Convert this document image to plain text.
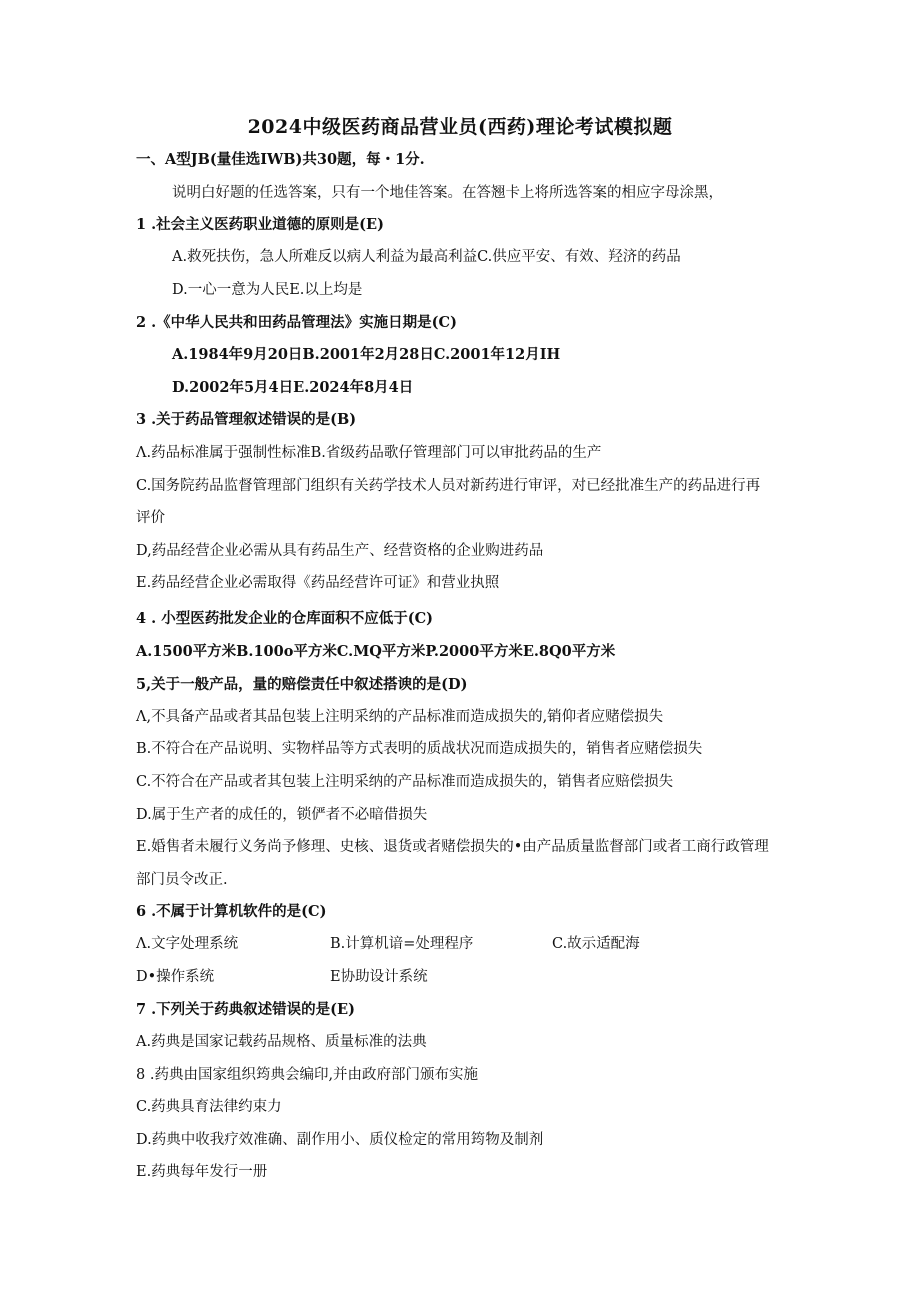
2024中级医药商品营业员(西药)理论考试模拟题
一、A型JB(量佳选IWB)共30题，每・1分.
说明白好题的任选答案，只有一个地佳答案。在答翘卡上将所选答案的相应字母涂黑，
1 .社会主义医药职业道德的原则是(E)
A.救死扶伤，急人所难反以病人利益为最高利益C.供应平安、有效、羟济的药品
D.一心一意为人民E.以上均是
2 .《中华人民共和田药品管理法》实施日期是(C)
A.1984年9月20日B.2001年2月28日C.2001年12月IH
D.2002年5月4日E.2024年8月4日
3 .关于药品管理叙述错误的是(B)
Λ.药品标准属于强制性标准B.省级药品歌仔管理部门可以审批药品的生产
C.国务院药品监督管理部门组织有关药学技术人员对新药进行审评，对已经批准生产的药品进行再
评价
D,药品经营企业必需从具有药品生产、经营资格的企业购进药品
E.药品经营企业必需取得《药品经营许可证》和营业执照
4 . 小型医药批发企业的仓库面积不应低于(C)
A.1500平方米B.100o平方米C.MQ平方米P.2000平方米E.8Q0平方米
5,关于一般产品，量的赔偿责任中叙述搭谀的是(D)
Λ,不具备产品或者其品包装上注明采纳的产品标准而造成损失的,销仰者应赌偿损失
B.不符合在产品说明、实物样品等方式表明的质战状况而造成损失的，销售者应赌偿损失
C.不符合在产品或者其包装上注明采纳的产品标准而造成损失的，销售者应赔偿损失
D.属于生产者的成任的，锁俨者不必暗借损失
E.婚售者未履行义务尚予修理、史核、退货或者赌偿损失的•由产品质量监督部门或者工商行政管理
部门员令改正.
6 .不属于计算机软件的是(C)
Λ.文字处理系统	B.计算机谙=处理程序	C.故示适配海
D•操作系统	E协助设计系统
7 .下列关于药典叙述错误的是(E)
A.药典是国家记载药品规格、质量标准的法典
8 .药典由国家组织筠典会编印,并由政府部门颁布实施
C.药典具育法律约束力
D.药典中收我疗效准确、副作用小、质仪检定的常用筠物及制剂
E.药典每年发行一册
